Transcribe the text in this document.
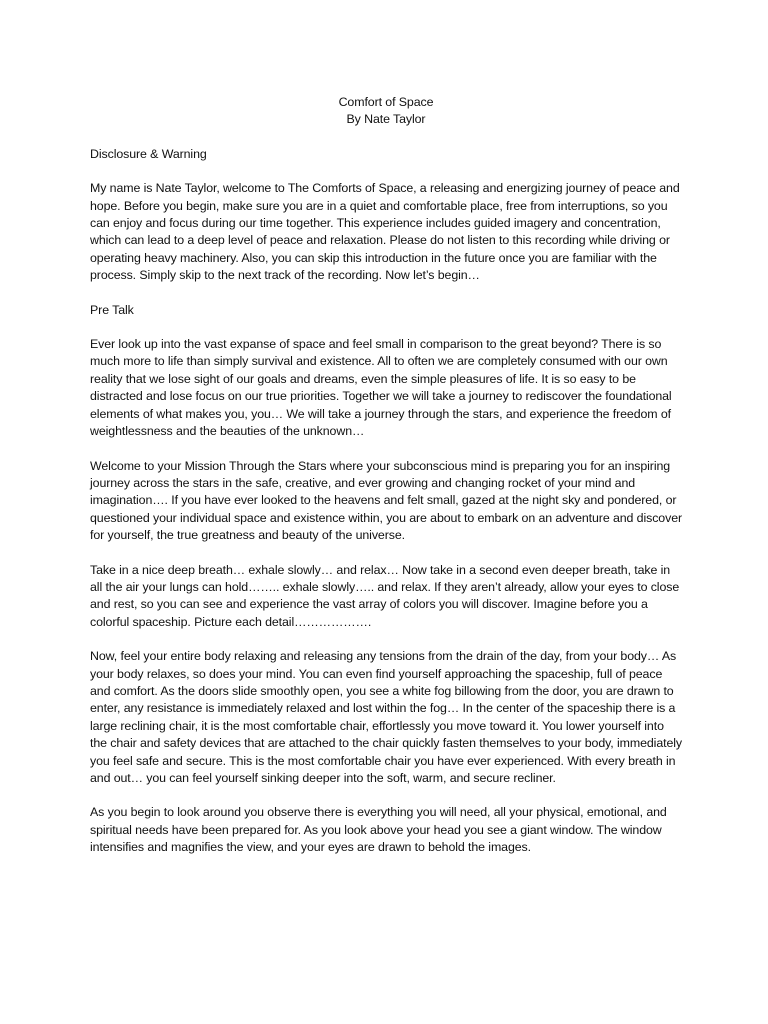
Comfort of Space
By Nate Taylor
Disclosure & Warning

My name is Nate Taylor, welcome to The Comforts of Space, a releasing and energizing journey of peace and hope. Before you begin, make sure you are in a quiet and comfortable place, free from interruptions, so you can enjoy and focus during our time together. This experience includes guided imagery and concentration, which can lead to a deep level of peace and relaxation. Please do not listen to this recording while driving or operating heavy machinery. Also, you can skip this introduction in the future once you are familiar with the process. Simply skip to the next track of the recording. Now let’s begin…

Pre Talk

Ever look up into the vast expanse of space and feel small in comparison to the great beyond? There is so much more to life than simply survival and existence. All to often we are completely consumed with our own reality that we lose sight of our goals and dreams, even the simple pleasures of life. It is so easy to be distracted and lose focus on our true priorities. Together we will take a journey to rediscover the foundational elements of what makes you, you… We will take a journey through the stars, and experience the freedom of weightlessness and the beauties of the unknown…

Welcome to your Mission Through the Stars where your subconscious mind is preparing you for an inspiring journey across the stars in the safe, creative, and ever growing and changing rocket of your mind and imagination…. If you have ever looked to the heavens and felt small, gazed at the night sky and pondered, or questioned your individual space and existence within, you are about to embark on an adventure and discover for yourself, the true greatness and beauty of the universe.

Take in a nice deep breath… exhale slowly… and relax… Now take in a second even deeper breath, take in all the air your lungs can hold…….. exhale slowly….. and relax. If they aren’t already, allow your eyes to close and rest, so you can see and experience the vast array of colors you will discover. Imagine before you a colorful spaceship. Picture each detail……………….

Now, feel your entire body relaxing and releasing any tensions from the drain of the day, from your body… As your body relaxes, so does your mind. You can even find yourself approaching the spaceship, full of peace and comfort. As the doors slide smoothly open, you see a white fog billowing from the door, you are drawn to enter, any resistance is immediately relaxed and lost within the fog… In the center of the spaceship there is a large reclining chair, it is the most comfortable chair, effortlessly you move toward it. You lower yourself into the chair and safety devices that are attached to the chair quickly fasten themselves to your body, immediately you feel safe and secure. This is the most comfortable chair you have ever experienced. With every breath in and out… you can feel yourself sinking deeper into the soft, warm, and secure recliner.

As you begin to look around you observe there is everything you will need, all your physical, emotional, and spiritual needs have been prepared for. As you look above your head you see a giant window. The window intensifies and magnifies the view, and your eyes are drawn to behold the images.
